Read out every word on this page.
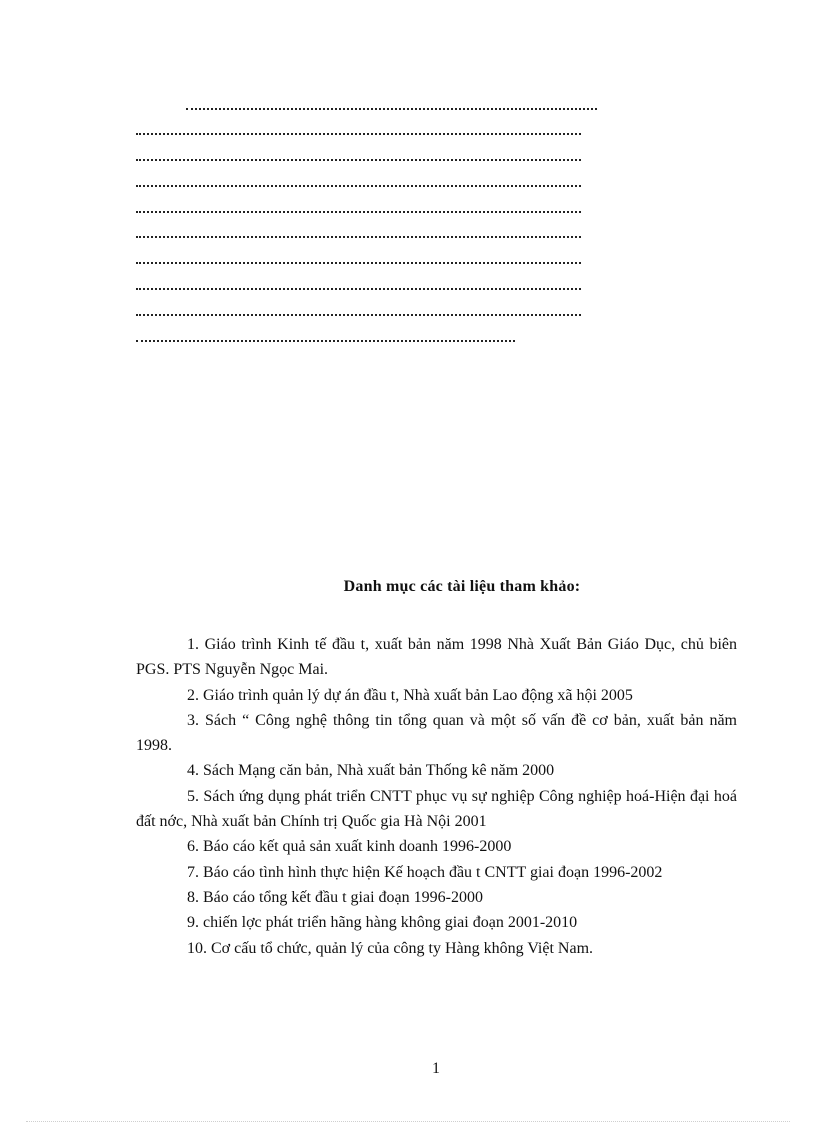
Danh mục các tài liệu tham khảo:

1. Giáo trình Kinh tế đầu t, xuất bản năm 1998 Nhà Xuất Bản Giáo Dục, chủ biên PGS. PTS Nguyễn Ngọc Mai.

2. Giáo trình quản lý dự án đầu t, Nhà xuất bản Lao động xã hội 2005

3. Sách “ Công nghệ thông tin tổng quan và một số vấn đề cơ bản, xuất bản năm 1998.

4. Sách Mạng căn bản, Nhà xuất bản Thống kê năm 2000

5. Sách ứng dụng phát triển CNTT phục vụ sự nghiệp Công nghiệp hoá-Hiện đại hoá đất nớc, Nhà xuất bản Chính trị Quốc gia Hà Nội 2001

6. Báo cáo kết quả sản xuất kinh doanh 1996-2000

7. Báo cáo tình hình thực hiện Kế hoạch đầu t CNTT giai đoạn 1996-2002

8. Báo cáo tổng kết đầu t giai đoạn 1996-2000

9. chiến lợc phát triển hãng hàng không giai đoạn 2001-2010

10. Cơ cấu tổ chức, quản lý của công ty Hàng không Việt Nam.

1
